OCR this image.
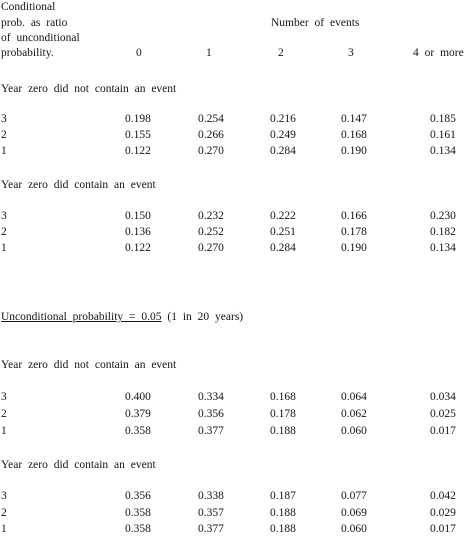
Conditional
prob. as ratio
of unconditional
probability.
Number of events
0	1	2	3	4 or more
Year zero did not contain an event
3	0.198	0.254	0.216	0.147	0.185
2	0.155	0.266	0.249	0.168	0.161
1	0.122	0.270	0.284	0.190	0.134
Year zero did contain an event
3	0.150	0.232	0.222	0.166	0.230
2	0.136	0.252	0.251	0.178	0.182
1	0.122	0.270	0.284	0.190	0.134
Unconditional probability = 0.05 (1 in 20 years)
Year zero did not contain an event
3	0.400	0.334	0.168	0.064	0.034
2	0.379	0.356	0.178	0.062	0.025
1	0.358	0.377	0.188	0.060	0.017
Year zero did contain an event
3	0.356	0.338	0.187	0.077	0.042
2	0.358	0.357	0.188	0.069	0.029
1	0.358	0.377	0.188	0.060	0.017
